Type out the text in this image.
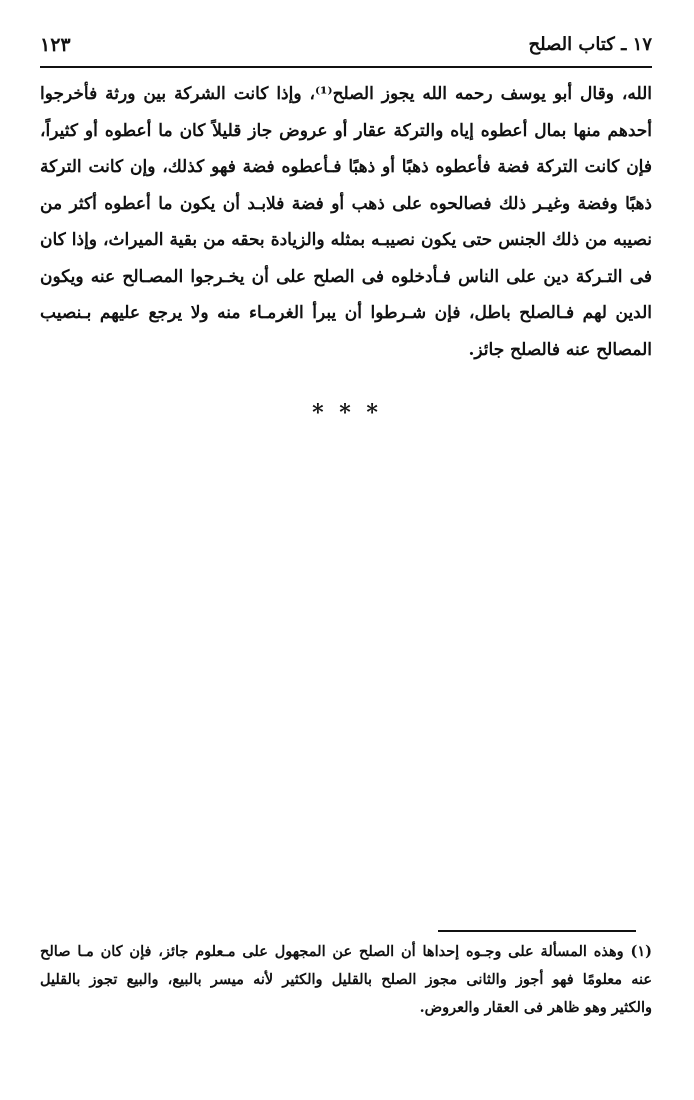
١٧ ـ كتاب الصلح
١٢٣
الله، وقال أبو يوسف رحمه الله يجوز الصلح⁽¹⁾، وإذا كانت الشركة بين ورثة فأخرجوا
أحدهم منها بمال أعطوه إياه والتركة عقار أو عروض جاز قليلاً كان ما أعطوه أو كثيراً،
فإن كانت التركة فضة فأعطوه ذهبًا أو ذهبًا فـأعطوه فضة فهو كذلك، وإن كانت التركة
ذهبًا وفضة وغيـر ذلك فصالحوه على ذهب أو فضة فلابـد أن يكون ما أعطوه أكثر من
نصيبه من ذلك الجنس حتى يكون نصيبـه بمثله والزيادة بحقه من بقية الميراث، وإذا كان
فى التـركة دين على الناس فـأدخلوه فى الصلح على أن يخـرجوا المصـالح عنه ويكون
الدين لهم فـالصلح باطل، فإن شـرطوا أن يبرأ الغرمـاء منه ولا يرجع عليهم بـنصيب
المصالح عنه فالصلح جائز.
* * *
(١) وهذه المسألة على وجـوه إحداها أن الصلح عن المجهول على مـعلوم جائز، فإن كان مـا صالح
عنه معلومًا فهو أجوز والثانى مجوز الصلح بالقليل والكثير لأنه ميسر بالبيع، والبيع تجوز بالقليل
والكثير وهو ظاهر فى العقار والعروض.
